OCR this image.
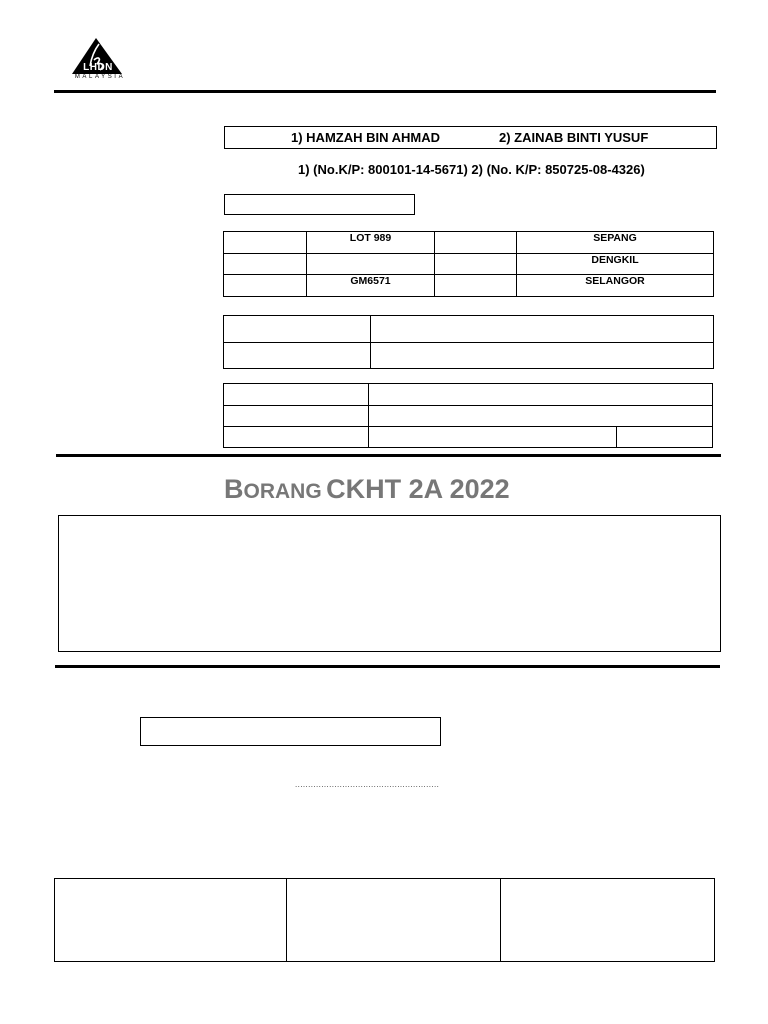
LHDN
MALAYSIA
1) HAMZAH BIN AHMAD	2) ZAINAB BINTI YUSUF
1) (No.K/P: 800101-14-5671) 2) (No. K/P: 850725-08-4326)
	LOT 989		SEPANG
			DENGKIL
	GM6571		SELANGOR

BORANG CKHT 2A 2022
.......................................................
